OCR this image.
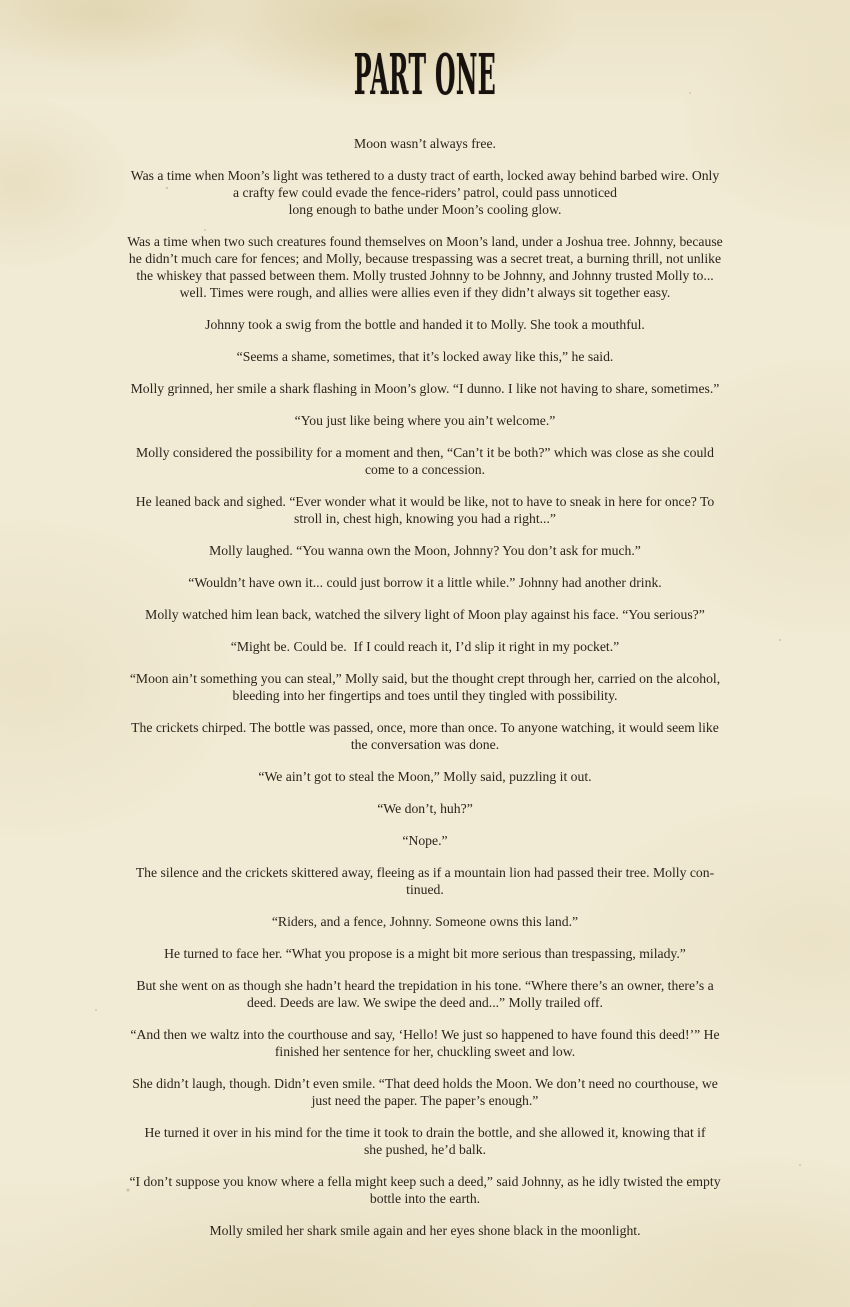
PART ONE

Moon wasn’t always free.

Was a time when Moon’s light was tethered to a dusty tract of earth, locked away behind barbed wire. Only
a crafty few could evade the fence-riders’ patrol, could pass unnoticed
long enough to bathe under Moon’s cooling glow.

Was a time when two such creatures found themselves on Moon’s land, under a Joshua tree. Johnny, because
he didn’t much care for fences; and Molly, because trespassing was a secret treat, a burning thrill, not unlike
the whiskey that passed between them. Molly trusted Johnny to be Johnny, and Johnny trusted Molly to...
well. Times were rough, and allies were allies even if they didn’t always sit together easy.

Johnny took a swig from the bottle and handed it to Molly. She took a mouthful.

“Seems a shame, sometimes, that it’s locked away like this,” he said.

Molly grinned, her smile a shark flashing in Moon’s glow. “I dunno. I like not having to share, sometimes.”

“You just like being where you ain’t welcome.”

Molly considered the possibility for a moment and then, “Can’t it be both?” which was close as she could
come to a concession.

He leaned back and sighed. “Ever wonder what it would be like, not to have to sneak in here for once? To
stroll in, chest high, knowing you had a right...”

Molly laughed. “You wanna own the Moon, Johnny? You don’t ask for much.”

“Wouldn’t have own it... could just borrow it a little while.” Johnny had another drink.

Molly watched him lean back, watched the silvery light of Moon play against his face. “You serious?”

“Might be. Could be.  If I could reach it, I’d slip it right in my pocket.”

“Moon ain’t something you can steal,” Molly said, but the thought crept through her, carried on the alcohol,
bleeding into her fingertips and toes until they tingled with possibility.

The crickets chirped. The bottle was passed, once, more than once. To anyone watching, it would seem like
the conversation was done.

“We ain’t got to steal the Moon,” Molly said, puzzling it out.

“We don’t, huh?”

“Nope.”

The silence and the crickets skittered away, fleeing as if a mountain lion had passed their tree. Molly con-
tinued.

“Riders, and a fence, Johnny. Someone owns this land.”

He turned to face her. “What you propose is a might bit more serious than trespassing, milady.”

But she went on as though she hadn’t heard the trepidation in his tone. “Where there’s an owner, there’s a
deed. Deeds are law. We swipe the deed and...” Molly trailed off.

“And then we waltz into the courthouse and say, ‘Hello! We just so happened to have found this deed!’” He
finished her sentence for her, chuckling sweet and low.

She didn’t laugh, though. Didn’t even smile. “That deed holds the Moon. We don’t need no courthouse, we
just need the paper. The paper’s enough.”

He turned it over in his mind for the time it took to drain the bottle, and she allowed it, knowing that if
she pushed, he’d balk.

“I don’t suppose you know where a fella might keep such a deed,” said Johnny, as he idly twisted the empty
bottle into the earth.

Molly smiled her shark smile again and her eyes shone black in the moonlight.
